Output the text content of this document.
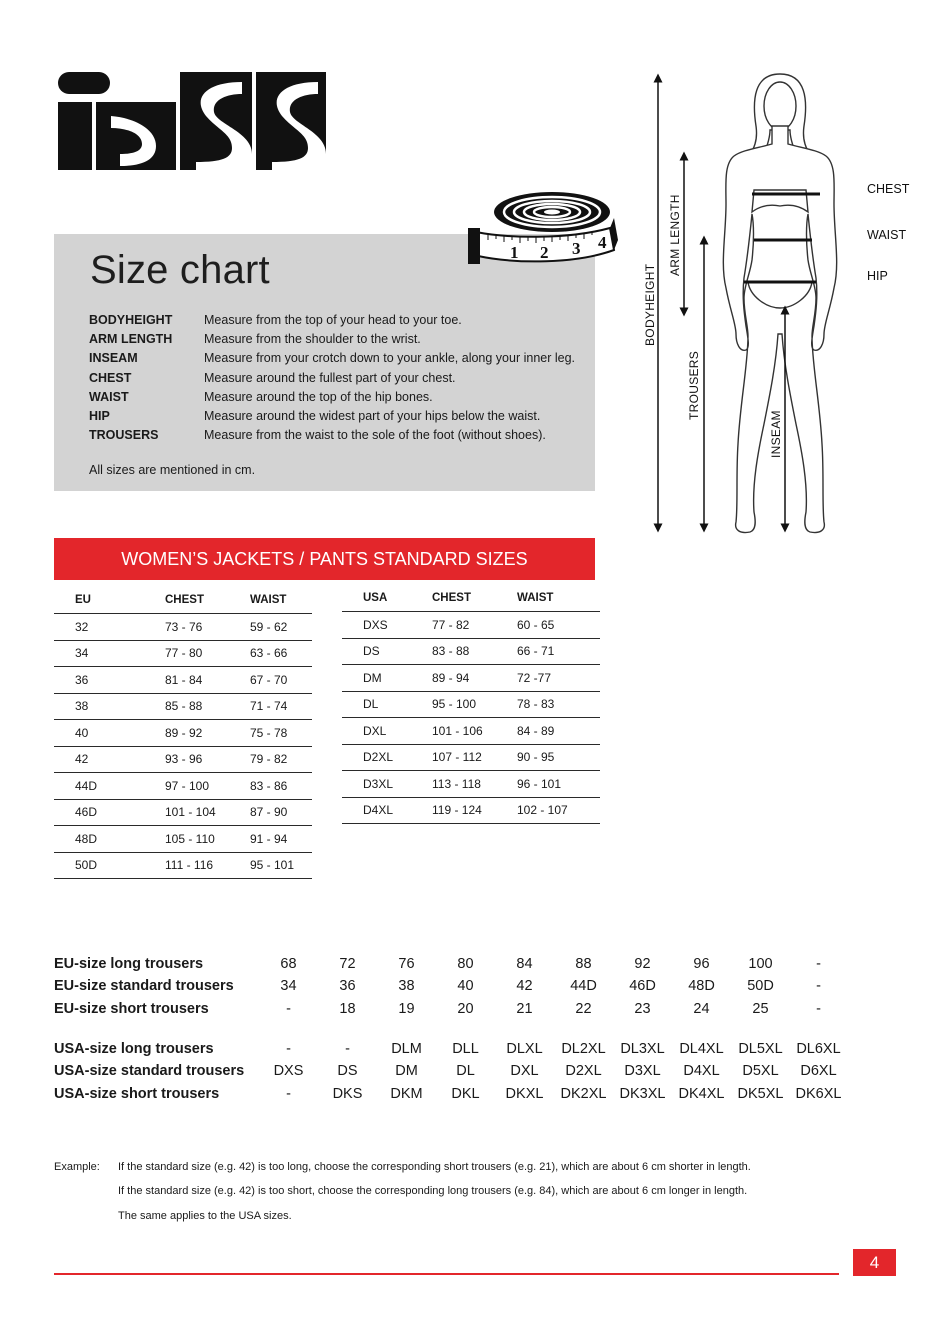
Size chart
BODYHEIGHT	Measure from the top of your head to your toe.
ARM LENGTH	Measure from the shoulder to the wrist.
INSEAM	Measure from your crotch down to your ankle, along your inner leg.
CHEST	Measure around the fullest part of your chest.
WAIST	Measure around the top of the hip bones.
HIP	Measure around the widest part of your hips below the waist.
TROUSERS	Measure from the waist to the sole of the foot (without shoes).
All sizes are mentioned in cm.
1 2 3 4
BODYHEIGHT
ARM LENGTH
TROUSERS
INSEAM
CHEST
WAIST
HIP
WOMEN’S JACKETS / PANTS STANDARD SIZES
EU	CHEST	WAIST
32	73 - 76	59 - 62
34	77 - 80	63 - 66
36	81 - 84	67 - 70
38	85 - 88	71 - 74
40	89 - 92	75 - 78
42	93 - 96	79 - 82
44D	97 - 100	83 - 86
46D	101 - 104	87 - 90
48D	105 - 110	91 - 94
50D	111 - 116	95 - 101
USA	CHEST	WAIST
DXS	77 - 82	60 - 65
DS	83 - 88	66 - 71
DM	89 - 94	72 -77
DL	95 - 100	78 - 83
DXL	101 - 106	84 - 89
D2XL	107 - 112	90 - 95
D3XL	113 - 118	96 - 101
D4XL	119 - 124	102 - 107
EU-size long trousers	68	72	76	80	84	88	92	96	100	-
EU-size standard trousers	34	36	38	40	42	44D	46D	48D	50D	-
EU-size short trousers	-	18	19	20	21	22	23	24	25	-
USA-size long trousers	-	-	DLM	DLL	DLXL	DL2XL	DL3XL	DL4XL	DL5XL DL6XL
USA-size standard trousers	DXS	DS	DM	DL	DXL	D2XL	D3XL	D4XL	D5XL	D6XL
USA-size short trousers	-	DKS	DKM	DKL	DKXL	DK2XL DK3XL DK4XL DK5XL DK6XL
Example: If the standard size (e.g. 42) is too long, choose the corresponding short trousers (e.g. 21), which are about 6 cm shorter in length.
If the standard size (e.g. 42) is too short, choose the corresponding long trousers (e.g. 84), which are about 6 cm longer in length.
The same applies to the USA sizes.
4
